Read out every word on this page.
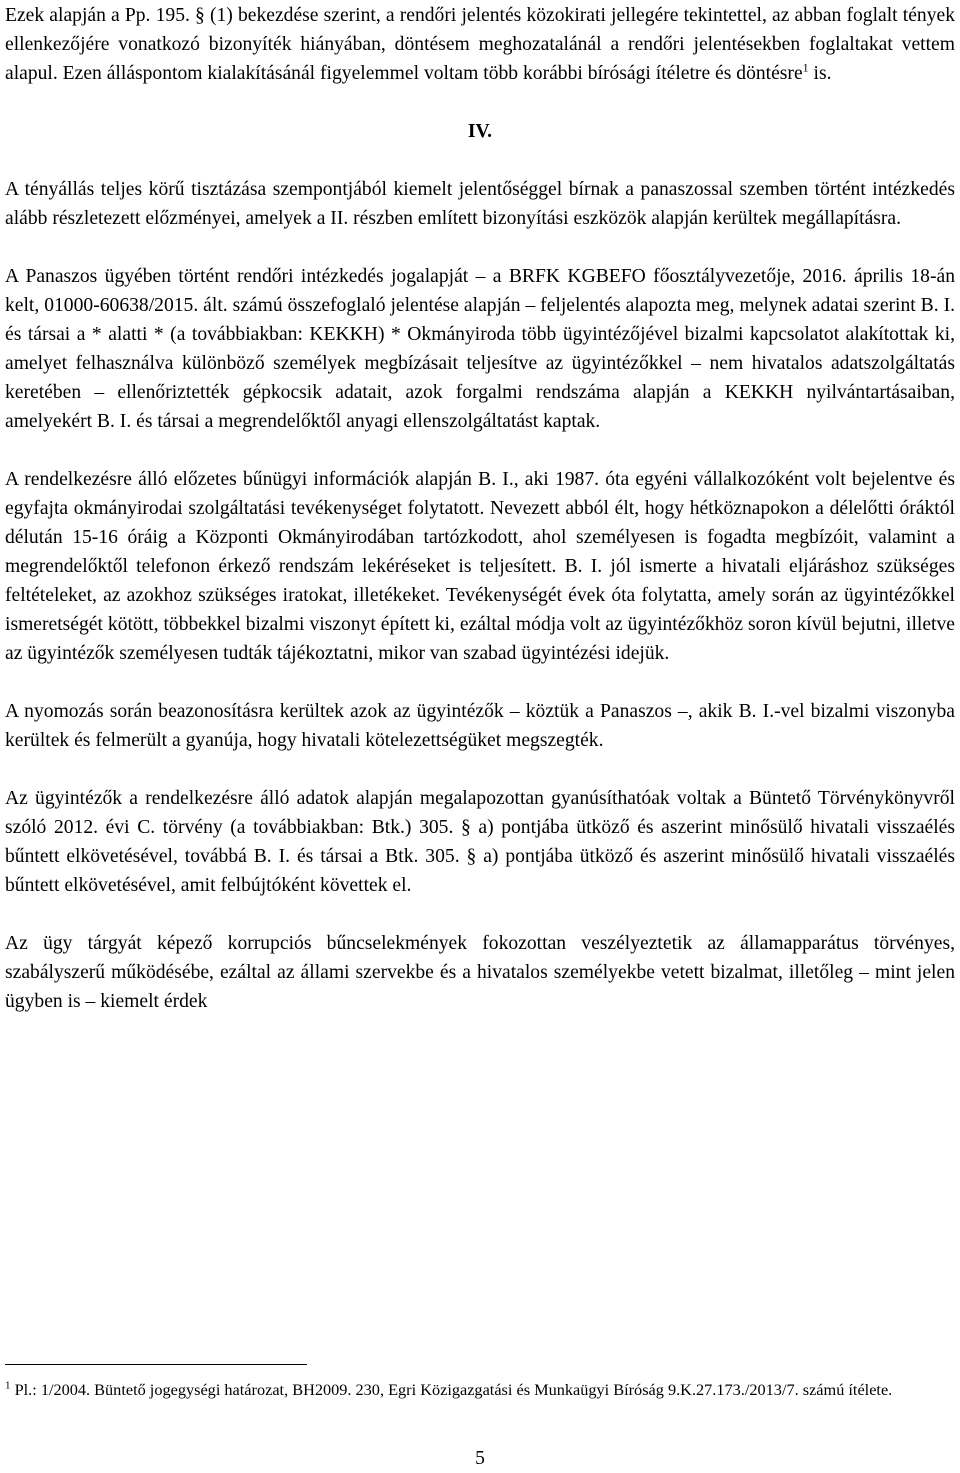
Ezek alapján a Pp. 195. § (1) bekezdése szerint, a rendőri jelentés közokirati jellegére tekintettel, az abban foglalt tények ellenkezőjére vonatkozó bizonyíték hiányában, döntésem meghozatalánál a rendőri jelentésekben foglaltakat vettem alapul. Ezen álláspontom kialakításánál figyelemmel voltam több korábbi bírósági ítéletre és döntésre$^1$ is.

IV.

A tényállás teljes körű tisztázása szempontjából kiemelt jelentőséggel bírnak a panaszossal szemben történt intézkedés alább részletezett előzményei, amelyek a II. részben említett bizonyítási eszközök alapján kerültek megállapításra.

A Panaszos ügyében történt rendőri intézkedés jogalapját – a BRFK KGBEFO főosztályvezetője, 2016. április 18-án kelt, 01000-60638/2015. ált. számú összefoglaló jelentése alapján – feljelentés alapozta meg, melynek adatai szerint B. I. és társai a * alatti * (a továbbiakban: KEKKH) * Okmányiroda több ügyintézőjével bizalmi kapcsolatot alakítottak ki, amelyet felhasználva különböző személyek megbízásait teljesítve az ügyintézőkkel – nem hivatalos adatszolgáltatás keretében – ellenőriztették gépkocsik adatait, azok forgalmi rendszáma alapján a KEKKH nyilvántartásaiban, amelyekért B. I. és társai a megrendelőktől anyagi ellenszolgáltatást kaptak.

A rendelkezésre álló előzetes bűnügyi információk alapján B. I., aki 1987. óta egyéni vállalkozóként volt bejelentve és egyfajta okmányirodai szolgáltatási tevékenységet folytatott. Nevezett abból élt, hogy hétköznapokon a délelőtti óráktól délután 15-16 óráig a Központi Okmányirodában tartózkodott, ahol személyesen is fogadta megbízóit, valamint a megrendelőktől telefonon érkező rendszám lekéréseket is teljesített. B. I. jól ismerte a hivatali eljáráshoz szükséges feltételeket, az azokhoz szükséges iratokat, illetékeket. Tevékenységét évek óta folytatta, amely során az ügyintézőkkel ismeretségét kötött, többekkel bizalmi viszonyt épített ki, ezáltal módja volt az ügyintézőkhöz soron kívül bejutni, illetve az ügyintézők személyesen tudták tájékoztatni, mikor van szabad ügyintézési idejük.

A nyomozás során beazonosításra kerültek azok az ügyintézők – köztük a Panaszos –, akik B. I.-vel bizalmi viszonyba kerültek és felmerült a gyanúja, hogy hivatali kötelezettségüket megszegték.

Az ügyintézők a rendelkezésre álló adatok alapján megalapozottan gyanúsíthatóak voltak a Büntető Törvénykönyvről szóló 2012. évi C. törvény (a továbbiakban: Btk.) 305. § a) pontjába ütköző és aszerint minősülő hivatali visszaélés bűntett elkövetésével, továbbá B. I. és társai a Btk. 305. § a) pontjába ütköző és aszerint minősülő hivatali visszaélés bűntett elkövetésével, amit felbújtóként követtek el.

Az ügy tárgyát képező korrupciós bűncselekmények fokozottan veszélyeztetik az államapparátus törvényes, szabályszerű működésébe, ezáltal az állami szervekbe és a hivatalos személyekbe vetett bizalmat, illetőleg – mint jelen ügyben is – kiemelt érdek

$^1$ Pl.: 1/2004. Büntető jogegységi határozat, BH2009. 230, Egri Közigazgatási és Munkaügyi Bíróság 9.K.27.173./2013/7. számú ítélete.

5
